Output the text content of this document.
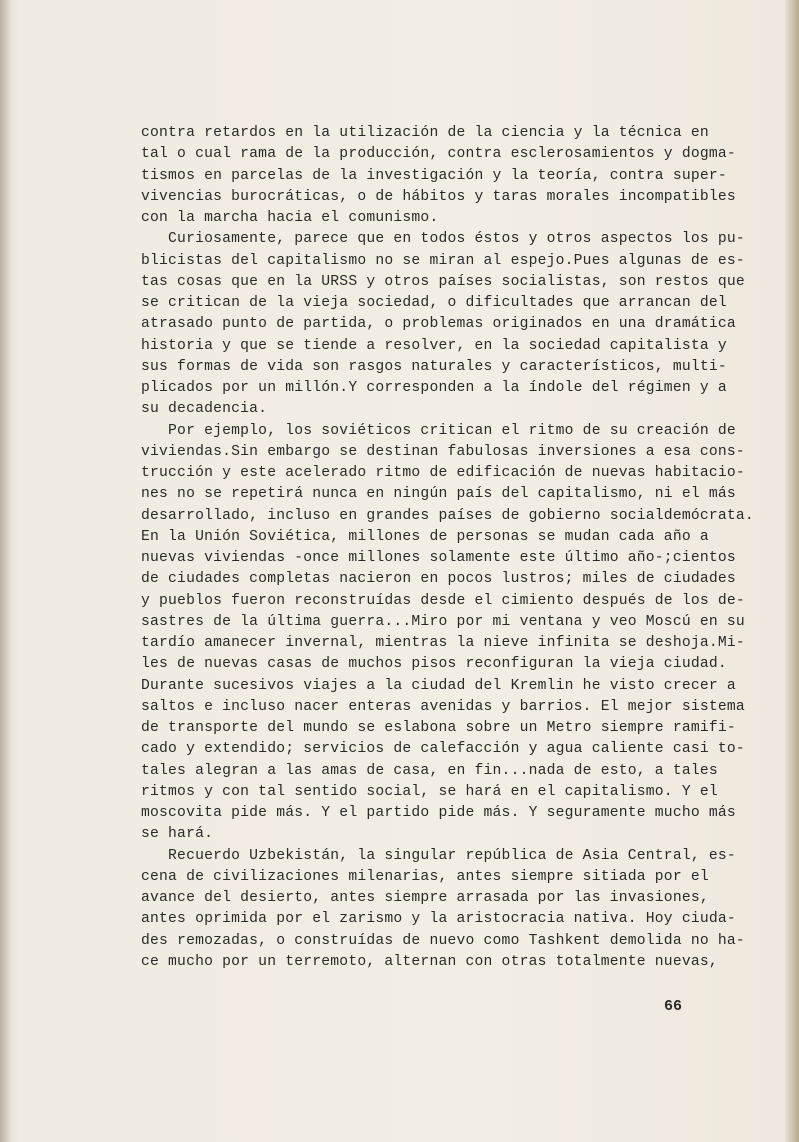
contra retardos en la utilización de la ciencia y la técnica en
tal o cual rama de la producción, contra esclerosamientos y dogma-
tismos en parcelas de la investigación y la teoría, contra super-
vivencias burocráticas, o de hábitos y taras morales incompatibles
con la marcha hacia el comunismo.
Curiosamente, parece que en todos éstos y otros aspectos los pu-
blicistas del capitalismo no se miran al espejo.Pues algunas de es-
tas cosas que en la URSS y otros países socialistas, son restos que
se critican de la vieja sociedad, o dificultades que arrancan del
atrasado punto de partida, o problemas originados en una dramática
historia y que se tiende a resolver, en la sociedad capitalista y
sus formas de vida son rasgos naturales y característicos, multi-
plicados por un millón.Y corresponden a la índole del régimen y a
su decadencia.
Por ejemplo, los soviéticos critican el ritmo de su creación de
viviendas.Sin embargo se destinan fabulosas inversiones a esa cons-
trucción y este acelerado ritmo de edificación de nuevas habitacio-
nes no se repetirá nunca en ningún país del capitalismo, ni el más
desarrollado, incluso en grandes países de gobierno socialdemócrata.
En la Unión Soviética, millones de personas se mudan cada año a
nuevas viviendas -once millones solamente este último año-;cientos
de ciudades completas nacieron en pocos lustros; miles de ciudades
y pueblos fueron reconstruídas desde el cimiento después de los de-
sastres de la última guerra...Miro por mi ventana y veo Moscú en su
tardío amanecer invernal, mientras la nieve infinita se deshoja.Mi-
les de nuevas casas de muchos pisos reconfiguran la vieja ciudad.
Durante sucesivos viajes a la ciudad del Kremlin he visto crecer a
saltos e incluso nacer enteras avenidas y barrios. El mejor sistema
de transporte del mundo se eslabona sobre un Metro siempre ramifi-
cado y extendido; servicios de calefacción y agua caliente casi to-
tales alegran a las amas de casa, en fin...nada de esto, a tales
ritmos y con tal sentido social, se hará en el capitalismo. Y el
moscovita pide más. Y el partido pide más. Y seguramente mucho más
se hará.
Recuerdo Uzbekistán, la singular república de Asia Central, es-
cena de civilizaciones milenarias, antes siempre sitiada por el
avance del desierto, antes siempre arrasada por las invasiones,
antes oprimida por el zarismo y la aristocracia nativa. Hoy ciuda-
des remozadas, o construídas de nuevo como Tashkent demolida no ha-
ce mucho por un terremoto, alternan con otras totalmente nuevas,
66
